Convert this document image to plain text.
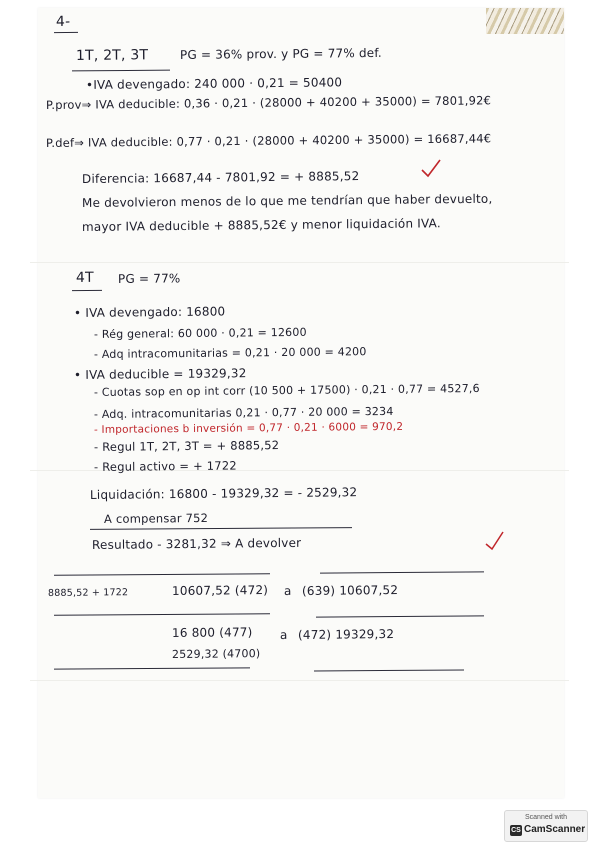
4-
1T, 2T, 3T	PG = 36% prov. y PG = 77% def.
•IVA devengado: 240 000 · 0,21 = 50400
P.prov⇒ IVA deducible: 0,36 · 0,21 · (28000 + 40200 + 35000) = 7801,92€
P.def⇒ IVA deducible: 0,77 · 0,21 · (28000 + 40200 + 35000) = 16687,44€
Diferencia: 16687,44 - 7801,92 = + 8885,52
Me devolvieron menos de lo que me tendrían que haber devuelto,
mayor IVA deducible + 8885,52€ y menor liquidación IVA.
4T PG = 77%
• IVA devengado: 16800
- Rég general: 60 000 · 0,21 = 12600
- Adq intracomunitarias = 0,21 · 20 000 = 4200
• IVA deducible = 19329,32
- Cuotas sop en op int corr (10 500 + 17500) · 0,21 · 0,77 = 4527,6
- Adq. intracomunitarias 0,21 · 0,77 · 20 000 = 3234
- Importaciones b inversión = 0,77 · 0,21 · 6000 = 970,2
- Regul 1T, 2T, 3T = + 8885,52
- Regul activo = + 1722
Liquidación: 16800 - 19329,32 = - 2529,32
A compensar 752
Resultado - 3281,32 ⇒ A devolver
8885,52 + 1722	10607,52 (472) a (639) 10607,52
16 800 (477) a (472) 19329,32
2529,32 (4700)
Scanned with
CS CamScanner
